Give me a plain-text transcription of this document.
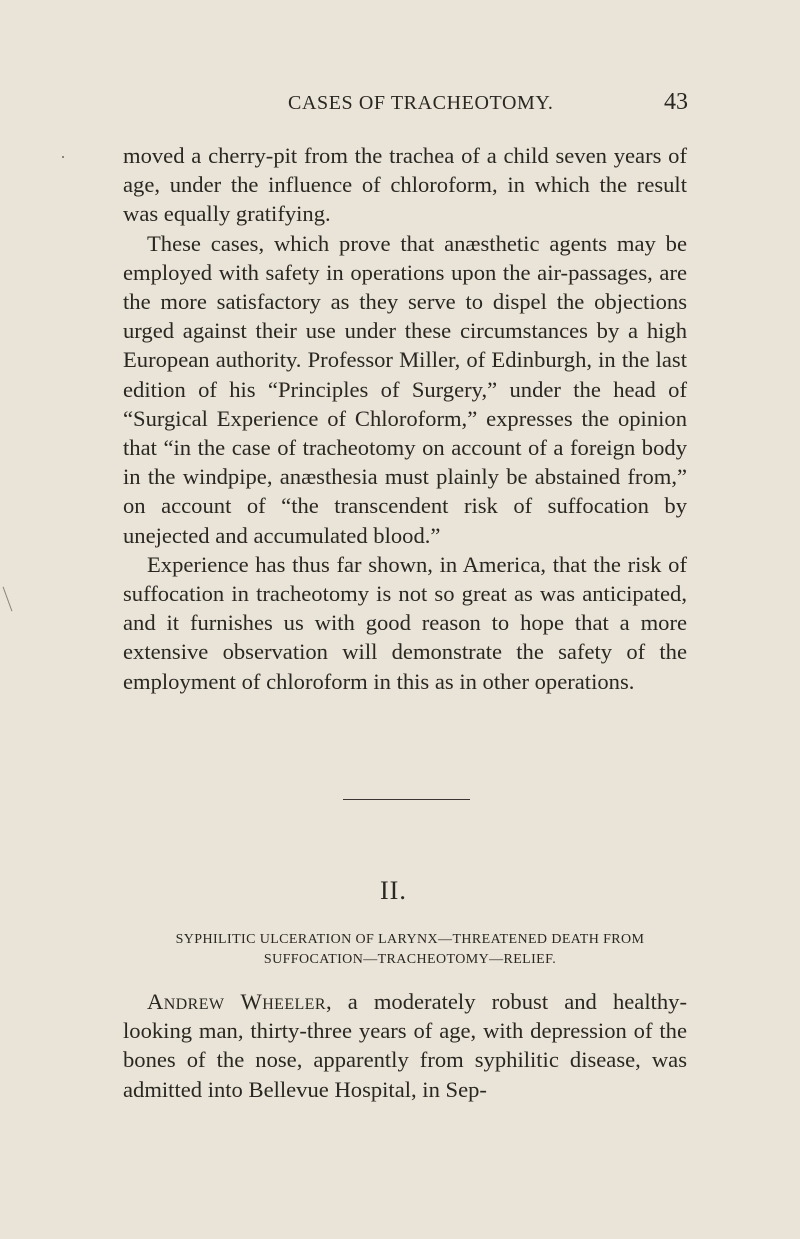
CASES OF TRACHEOTOMY.	43

moved a cherry-pit from the trachea of a child seven years of age, under the influence of chloroform, in which the result was equally gratifying.

These cases, which prove that anæsthetic agents may be employed with safety in operations upon the air-passages, are the more satisfactory as they serve to dispel the objections urged against their use under these circumstances by a high European authority. Professor Miller, of Edinburgh, in the last edition of his “Principles of Surgery,” under the head of “Surgical Experience of Chloroform,” expresses the opinion that “in the case of tracheotomy on account of a foreign body in the windpipe, anæsthesia must plainly be abstained from,” on account of “the transcendent risk of suffocation by unejected and accumulated blood.”

Experience has thus far shown, in America, that the risk of suffocation in tracheotomy is not so great as was anticipated, and it furnishes us with good reason to hope that a more extensive observation will demonstrate the safety of the employment of chloroform in this as in other operations.

II.
SYPHILITIC ULCERATION OF LARYNX—THREATENED DEATH FROM
SUFFOCATION—TRACHEOTOMY—RELIEF.

Andrew Wheeler, a moderately robust and healthy-looking man, thirty-three years of age, with depression of the bones of the nose, apparently from syphilitic disease, was admitted into Bellevue Hospital, in Sep-
